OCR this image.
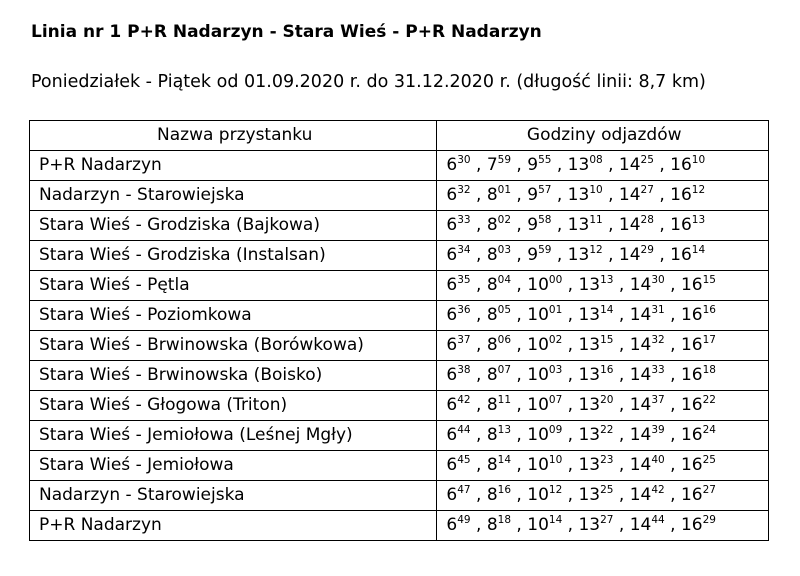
Linia nr 1 P+R Nadarzyn - Stara Wieś - P+R Nadarzyn
Poniedziałek - Piątek od 01.09.2020 r. do 31.12.2020 r. (długość linii: 8,7 km)
Nazwa przystanku	Godziny odjazdów
P+R Nadarzyn	$6^{30}$ , $7^{59}$ , $9^{55}$ , $13^{08}$ , $14^{25}$ , $16^{10}$
Nadarzyn - Starowiejska	$6^{32}$ , $8^{01}$ , $9^{57}$ , $13^{10}$ , $14^{27}$ , $16^{12}$
Stara Wieś - Grodziska (Bajkowa)	$6^{33}$ , $8^{02}$ , $9^{58}$ , $13^{11}$ , $14^{28}$ , $16^{13}$
Stara Wieś - Grodziska (Instalsan)	$6^{34}$ , $8^{03}$ , $9^{59}$ , $13^{12}$ , $14^{29}$ , $16^{14}$
Stara Wieś - Pętla	$6^{35}$ , $8^{04}$ , $10^{00}$ , $13^{13}$ , $14^{30}$ , $16^{15}$
Stara Wieś - Poziomkowa	$6^{36}$ , $8^{05}$ , $10^{01}$ , $13^{14}$ , $14^{31}$ , $16^{16}$
Stara Wieś - Brwinowska (Borówkowa)	$6^{37}$ , $8^{06}$ , $10^{02}$ , $13^{15}$ , $14^{32}$ , $16^{17}$
Stara Wieś - Brwinowska (Boisko)	$6^{38}$ , $8^{07}$ , $10^{03}$ , $13^{16}$ , $14^{33}$ , $16^{18}$
Stara Wieś - Głogowa (Triton)	$6^{42}$ , $8^{11}$ , $10^{07}$ , $13^{20}$ , $14^{37}$ , $16^{22}$
Stara Wieś - Jemiołowa (Leśnej Mgły)	$6^{44}$ , $8^{13}$ , $10^{09}$ , $13^{22}$ , $14^{39}$ , $16^{24}$
Stara Wieś - Jemiołowa	$6^{45}$ , $8^{14}$ , $10^{10}$ , $13^{23}$ , $14^{40}$ , $16^{25}$
Nadarzyn - Starowiejska	$6^{47}$ , $8^{16}$ , $10^{12}$ , $13^{25}$ , $14^{42}$ , $16^{27}$
P+R Nadarzyn	$6^{49}$ , $8^{18}$ , $10^{14}$ , $13^{27}$ , $14^{44}$ , $16^{29}$
